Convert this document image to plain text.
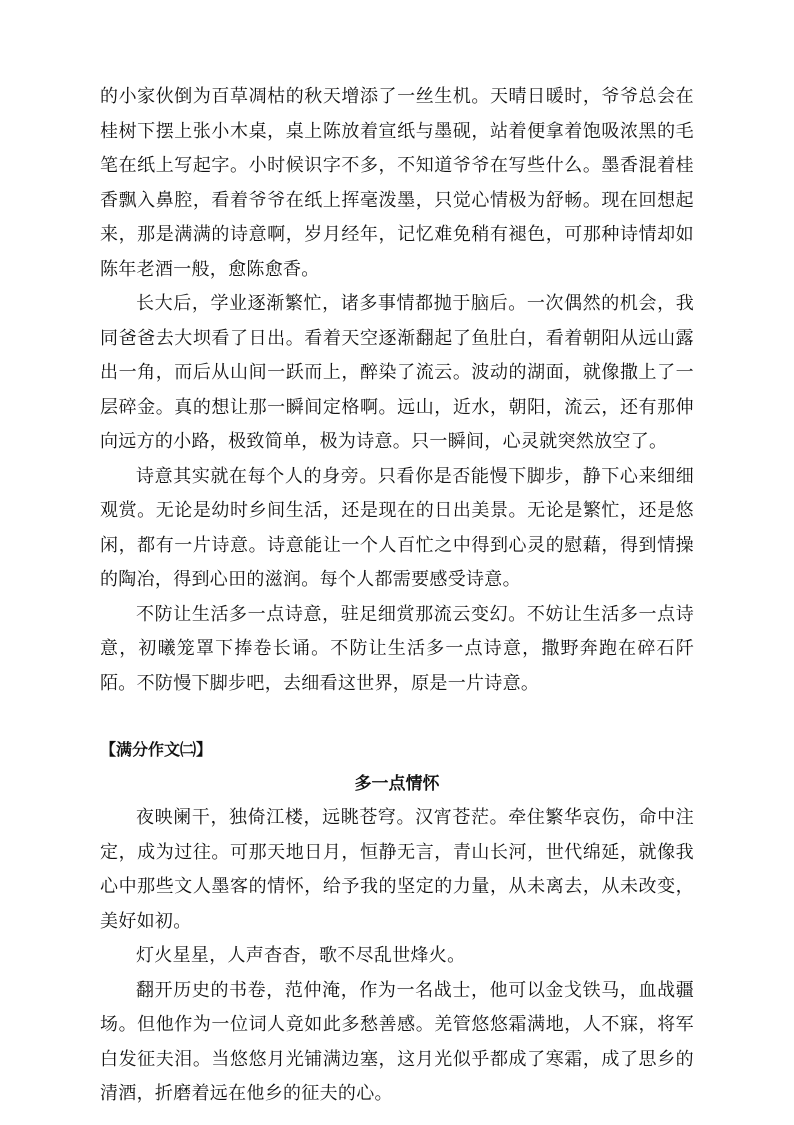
的小家伙倒为百草凋枯的秋天增添了一丝生机。天晴日暖时，爷爷总会在桂树下摆上张小木桌，桌上陈放着宣纸与墨砚，站着便拿着饱吸浓黑的毛笔在纸上写起字。小时候识字不多，不知道爷爷在写些什么。墨香混着桂香飘入鼻腔，看着爷爷在纸上挥毫泼墨，只觉心情极为舒畅。现在回想起来，那是满满的诗意啊，岁月经年，记忆难免稍有褪色，可那种诗情却如陈年老酒一般，愈陈愈香。

长大后，学业逐渐繁忙，诸多事情都抛于脑后。一次偶然的机会，我同爸爸去大坝看了日出。看着天空逐渐翻起了鱼肚白，看着朝阳从远山露出一角，而后从山间一跃而上，醉染了流云。波动的湖面，就像撒上了一层碎金。真的想让那一瞬间定格啊。远山，近水，朝阳，流云，还有那伸向远方的小路，极致简单，极为诗意。只一瞬间，心灵就突然放空了。

诗意其实就在每个人的身旁。只看你是否能慢下脚步，静下心来细细观赏。无论是幼时乡间生活，还是现在的日出美景。无论是繁忙，还是悠闲，都有一片诗意。诗意能让一个人百忙之中得到心灵的慰藉，得到情操的陶冶，得到心田的滋润。每个人都需要感受诗意。

不防让生活多一点诗意，驻足细赏那流云变幻。不妨让生活多一点诗意，初曦笼罩下捧卷长诵。不防让生活多一点诗意，撒野奔跑在碎石阡陌。不防慢下脚步吧，去细看这世界，原是一片诗意。

【满分作文㈡】
多一点情怀

夜映阑干，独倚江楼，远眺苍穹。汉宵苍茫。牵住繁华哀伤，命中注定，成为过往。可那天地日月，恒静无言，青山长河，世代绵延，就像我心中那些文人墨客的情怀，给予我的坚定的力量，从未离去，从未改变，美好如初。

灯火星星，人声杳杳，歌不尽乱世烽火。

翻开历史的书卷，范仲淹，作为一名战士，他可以金戈铁马，血战疆场。但他作为一位词人竟如此多愁善感。羌管悠悠霜满地，人不寐，将军白发征夫泪。当悠悠月光铺满边塞，这月光似乎都成了寒霜，成了思乡的清酒，折磨着远在他乡的征夫的心。
